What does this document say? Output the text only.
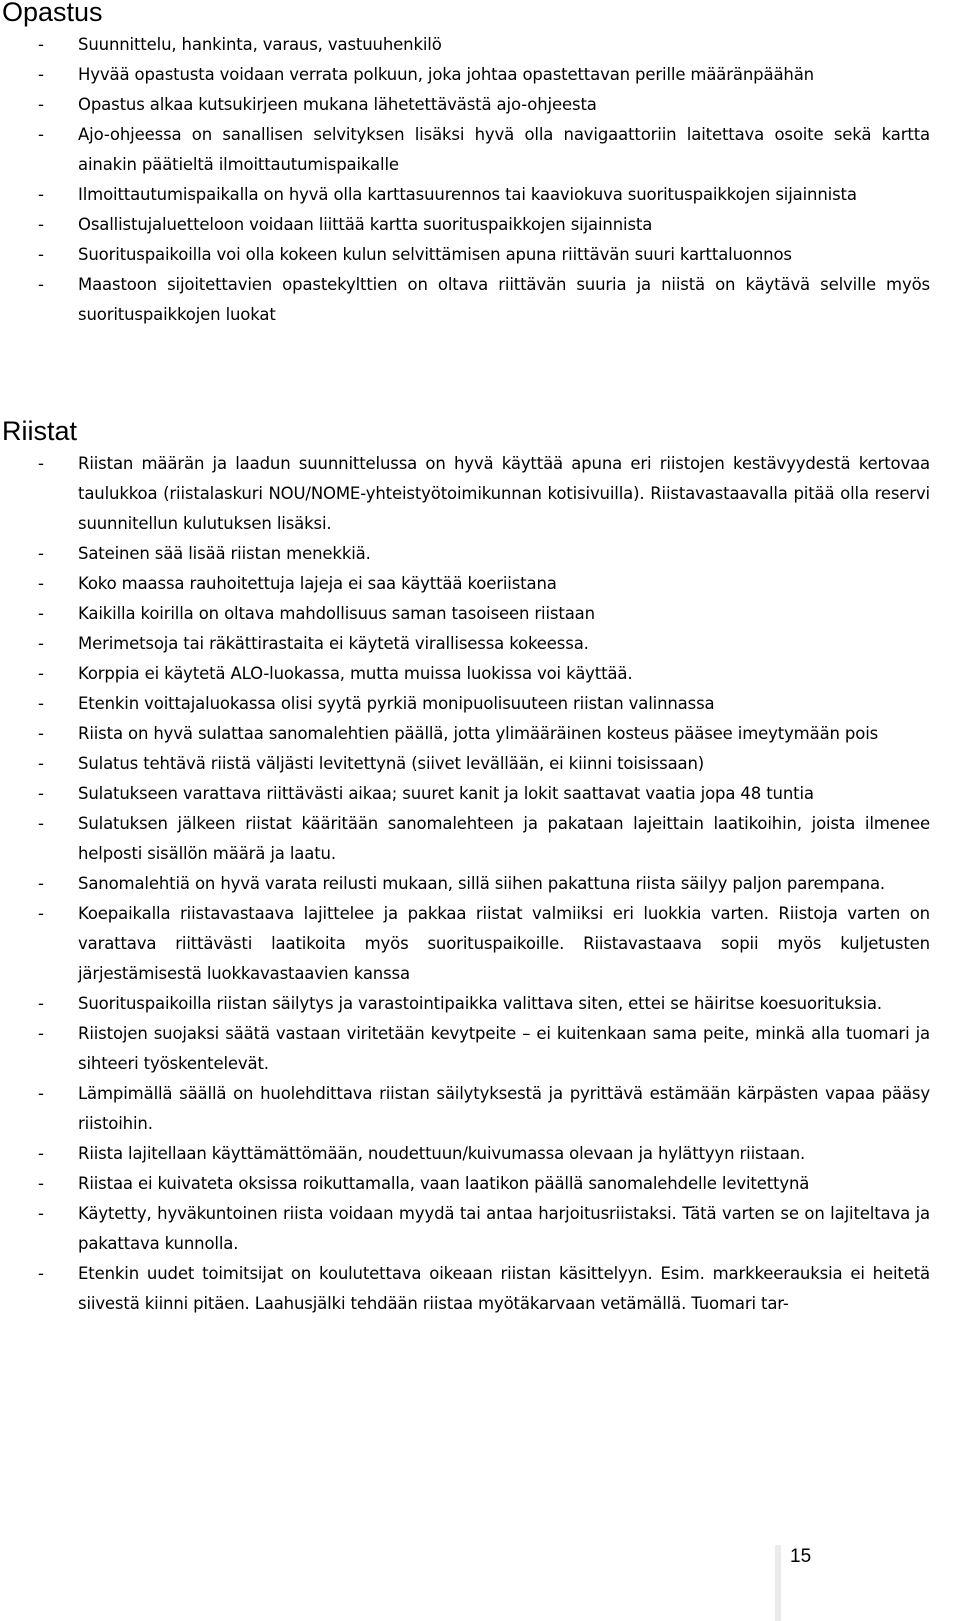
Opastus
- Suunnittelu, hankinta, varaus, vastuuhenkilö
- Hyvää opastusta voidaan verrata polkuun, joka johtaa opastettavan perille määränpäähän
- Opastus alkaa kutsukirjeen mukana lähetettävästä ajo-ohjeesta
- Ajo-ohjeessa on sanallisen selvityksen lisäksi hyvä olla navigaattoriin laitettava osoite sekä kartta ainakin päätieltä ilmoittautumispaikalle
- Ilmoittautumispaikalla on hyvä olla karttasuurennos tai kaaviokuva suorituspaikkojen sijainnista
- Osallistujaluetteloon voidaan liittää kartta suorituspaikkojen sijainnista
- Suorituspaikoilla voi olla kokeen kulun selvittämisen apuna riittävän suuri karttaluonnos
- Maastoon sijoitettavien opastekylttien on oltava riittävän suuria ja niistä on käytävä selville myös suorituspaikkojen luokat
Riistat
- Riistan määrän ja laadun suunnittelussa on hyvä käyttää apuna eri riistojen kestävyydestä kertovaa taulukkoa (riistalaskuri NOU/NOME-yhteistyötoimikunnan kotisivuilla). Riistavastaavalla pitää olla reservi suunnitellun kulutuksen lisäksi.
- Sateinen sää lisää riistan menekkiä.
- Koko maassa rauhoitettuja lajeja ei saa käyttää koeriistana
- Kaikilla koirilla on oltava mahdollisuus saman tasoiseen riistaan
- Merimetsoja tai räkättirastaita ei käytetä virallisessa kokeessa.
- Korppia ei käytetä ALO-luokassa, mutta muissa luokissa voi käyttää.
- Etenkin voittajaluokassa olisi syytä pyrkiä monipuolisuuteen riistan valinnassa
- Riista on hyvä sulattaa sanomalehtien päällä, jotta ylimääräinen kosteus pääsee imeytymään pois
- Sulatus tehtävä riistä väljästi levitettynä (siivet levällään, ei kiinni toisissaan)
- Sulatukseen varattava riittävästi aikaa; suuret kanit ja lokit saattavat vaatia jopa 48 tuntia
- Sulatuksen jälkeen riistat kääritään sanomalehteen ja pakataan lajeittain laatikoihin, joista ilmenee helposti sisällön määrä ja laatu.
- Sanomalehtiä on hyvä varata reilusti mukaan, sillä siihen pakattuna riista säilyy paljon parempana.
- Koepaikalla riistavastaava lajittelee ja pakkaa riistat valmiiksi eri luokkia varten. Riistoja varten on varattava riittävästi laatikoita myös suorituspaikoille. Riistavastaava sopii myös kuljetusten järjestämisestä luokkavastaavien kanssa
- Suorituspaikoilla riistan säilytys ja varastointipaikka valittava siten, ettei se häiritse koesuorituksia.
- Riistojen suojaksi säätä vastaan viritetään kevytpeite – ei kuitenkaan sama peite, minkä alla tuomari ja sihteeri työskentelevät.
- Lämpimällä säällä on huolehdittava riistan säilytyksestä ja pyrittävä estämään kärpästen vapaa pääsy riistoihin.
- Riista lajitellaan käyttämättömään, noudettuun/kuivumassa olevaan ja hylättyyn riistaan.
- Riistaa ei kuivateta oksissa roikuttamalla, vaan laatikon päällä sanomalehdelle levitettynä
- Käytetty, hyväkuntoinen riista voidaan myydä tai antaa harjoitusriistaksi. Tätä varten se on lajiteltava ja pakattava kunnolla.
- Etenkin uudet toimitsijat on koulutettava oikeaan riistan käsittelyyn. Esim. markkeerauksia ei heitetä siivestä kiinni pitäen. Laahusjälki tehdään riistaa myötäkarvaan vetämällä. Tuomari tar-
15
